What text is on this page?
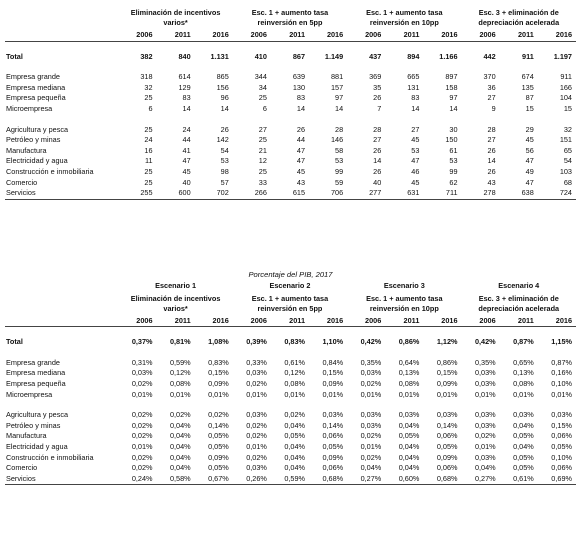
	Eliminación de incentivos varios*			Esc. 1 + aumento tasa reinversión en 5pp			Esc. 1 + aumento tasa reinversión en 10pp			Esc. 3 + eliminación de depreciación acelerada		
	2006	2011	2016	2006	2011	2016	2006	2011	2016	2006	2011	2016

Total	382	840	1.131	410	867	1.149	437	894	1.166	442	911	1.197

Empresa grande	318	614	865	344	639	881	369	665	897	370	674	911
Empresa mediana	32	129	156	34	130	157	35	131	158	36	135	166
Empresa pequeña	25	83	96	25	83	97	26	83	97	27	87	104
Microempresa	6	14	14	6	14	14	7	14	14	9	15	15

Agricultura y pesca	25	24	26	27	26	28	28	27	30	28	29	32
Petróleo y minas	24	44	142	25	44	146	27	45	150	27	45	151
Manufactura	16	41	54	21	47	58	26	53	61	26	56	65
Electricidad y agua	11	47	53	12	47	53	14	47	53	14	47	54
Construcción e inmobiliaria	25	45	98	25	45	99	26	46	99	26	49	103
Comercio	25	40	57	33	43	59	40	45	62	43	47	68
Servicios	255	600	702	266	615	706	277	631	711	278	638	724
Porcentaje del PIB, 2017
	Escenario 1			Escenario 2			Escenario 3			Escenario 4		
	Eliminación de incentivos varios*			Esc. 1 + aumento tasa reinversión en 5pp			Esc. 1 + aumento tasa reinversión en 10pp			Esc. 3 + eliminación de depreciación acelerada		
	2006	2011	2016	2006	2011	2016	2006	2011	2016	2006	2011	2016

Total	0,37%	0,81%	1,08%	0,39%	0,83%	1,10%	0,42%	0,86%	1,12%	0,42%	0,87%	1,15%

Empresa grande	0,31%	0,59%	0,83%	0,33%	0,61%	0,84%	0,35%	0,64%	0,86%	0,35%	0,65%	0,87%
Empresa mediana	0,03%	0,12%	0,15%	0,03%	0,12%	0,15%	0,03%	0,13%	0,15%	0,03%	0,13%	0,16%
Empresa pequeña	0,02%	0,08%	0,09%	0,02%	0,08%	0,09%	0,02%	0,08%	0,09%	0,03%	0,08%	0,10%
Microempresa	0,01%	0,01%	0,01%	0,01%	0,01%	0,01%	0,01%	0,01%	0,01%	0,01%	0,01%	0,01%

Agricultura y pesca	0,02%	0,02%	0,02%	0,03%	0,02%	0,03%	0,03%	0,03%	0,03%	0,03%	0,03%	0,03%
Petróleo y minas	0,02%	0,04%	0,14%	0,02%	0,04%	0,14%	0,03%	0,04%	0,14%	0,03%	0,04%	0,15%
Manufactura	0,02%	0,04%	0,05%	0,02%	0,05%	0,06%	0,02%	0,05%	0,06%	0,02%	0,05%	0,06%
Electricidad y agua	0,01%	0,04%	0,05%	0,01%	0,04%	0,05%	0,01%	0,04%	0,05%	0,01%	0,04%	0,05%
Construcción e inmobiliaria	0,02%	0,04%	0,09%	0,02%	0,04%	0,09%	0,02%	0,04%	0,09%	0,03%	0,05%	0,10%
Comercio	0,02%	0,04%	0,05%	0,03%	0,04%	0,06%	0,04%	0,04%	0,06%	0,04%	0,05%	0,06%
Servicios	0,24%	0,58%	0,67%	0,26%	0,59%	0,68%	0,27%	0,60%	0,68%	0,27%	0,61%	0,69%
